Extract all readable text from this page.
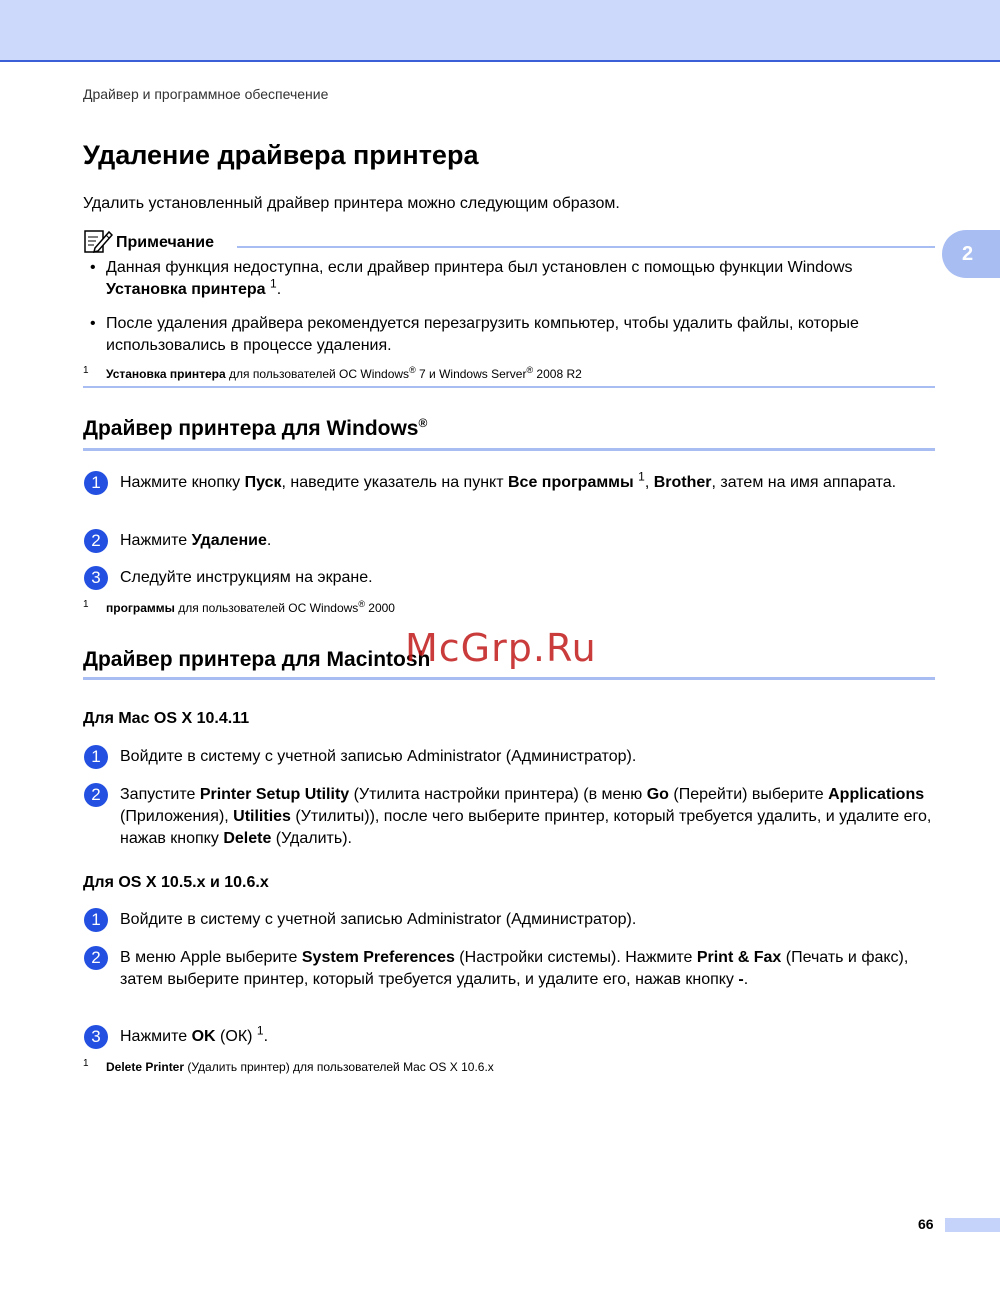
Драйвер и программное обеспечение
2
Удаление драйвера принтера
Удалить установленный драйвер принтера можно следующим образом.
Примечание
• Данная функция недоступна, если драйвер принтера был установлен с помощью функции Windows
Установка принтера $^1$.
• После удаления драйвера рекомендуется перезагрузить компьютер, чтобы удалить файлы, которые использовались в процессе удаления.
1 Установка принтера для пользователей ОС Windows® 7 и Windows Server® 2008 R2
Драйвер принтера для Windows®
1	Нажмите кнопку Пуск, наведите указатель на пункт Все программы $^1$, Brother, затем на имя аппарата.
2	Нажмите Удаление.
3	Следуйте инструкциям на экране.
1 программы для пользователей ОС Windows® 2000
Драйвер принтера для Macintosh
Для Mac OS X 10.4.11
1	Войдите в систему с учетной записью Administrator (Администратор).
2	Запустите Printer Setup Utility (Утилита настройки принтера) (в меню Go (Перейти) выберите Applications (Приложения), Utilities (Утилиты)), после чего выберите принтер, который требуется удалить, и удалите его, нажав кнопку Delete (Удалить).
Для OS X 10.5.x и 10.6.x
1	Войдите в систему с учетной записью Administrator (Администратор).
2	В меню Apple выберите System Preferences (Настройки системы). Нажмите Print & Fax (Печать и факс), затем выберите принтер, который требуется удалить, и удалите его, нажав кнопку -.
3	Нажмите OK (ОК) $^1$.
1 Delete Printer (Удалить принтер) для пользователей Mac OS X 10.6.x
McGrp.Ru
66
